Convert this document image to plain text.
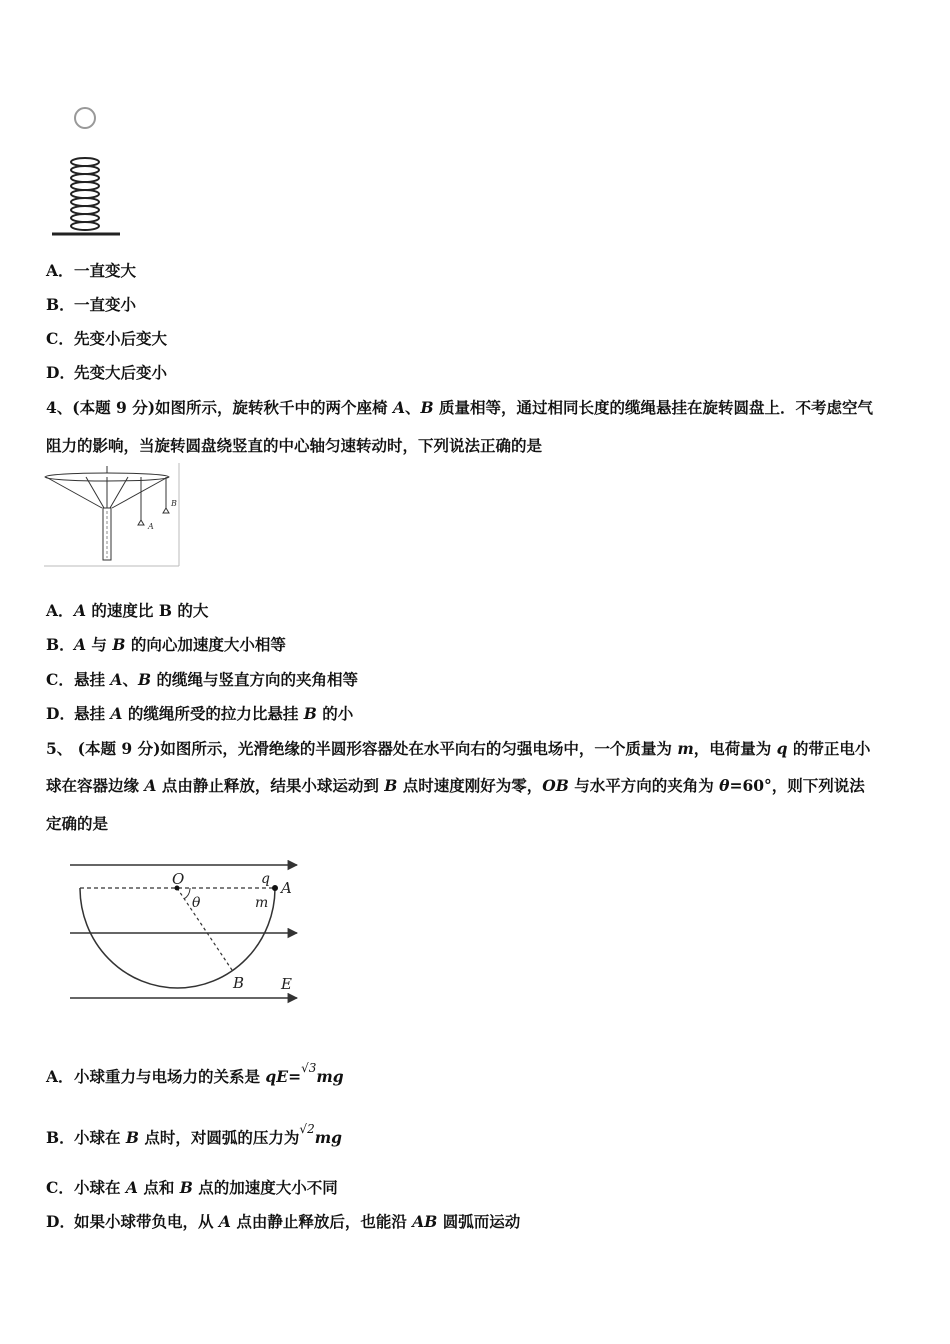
A．一直变大
B．一直变小
C．先变小后变大
D．先变大后变小
4、(本题 9 分)如图所示，旋转秋千中的两个座椅 A、B 质量相等，通过相同长度的缆绳悬挂在旋转圆盘上．不考虑空气
阻力的影响，当旋转圆盘绕竖直的中心轴匀速转动时，下列说法正确的是
A
B
A．A 的速度比 B 的大
B．A 与 B 的向心加速度大小相等
C．悬挂 A、B 的缆绳与竖直方向的夹角相等
D．悬挂 A 的缆绳所受的拉力比悬挂 B 的小
5、 (本题 9 分)如图所示，光滑绝缘的半圆形容器处在水平向右的匀强电场中，一个质量为 m，电荷量为 q 的带正电小
球在容器边缘 A 点由静止释放，结果小球运动到 B 点时速度刚好为零，OB 与水平方向的夹角为 θ=60°，则下列说法
定确的是
O	q A
θ	m
B E
A．小球重力与电场力的关系是 qE=$^{√3}$mg
B．小球在 B 点时，对圆弧的压力为$^{√2}$mg
C．小球在 A 点和 B 点的加速度大小不同
D．如果小球带负电，从 A 点由静止释放后，也能沿 AB 圆弧而运动
